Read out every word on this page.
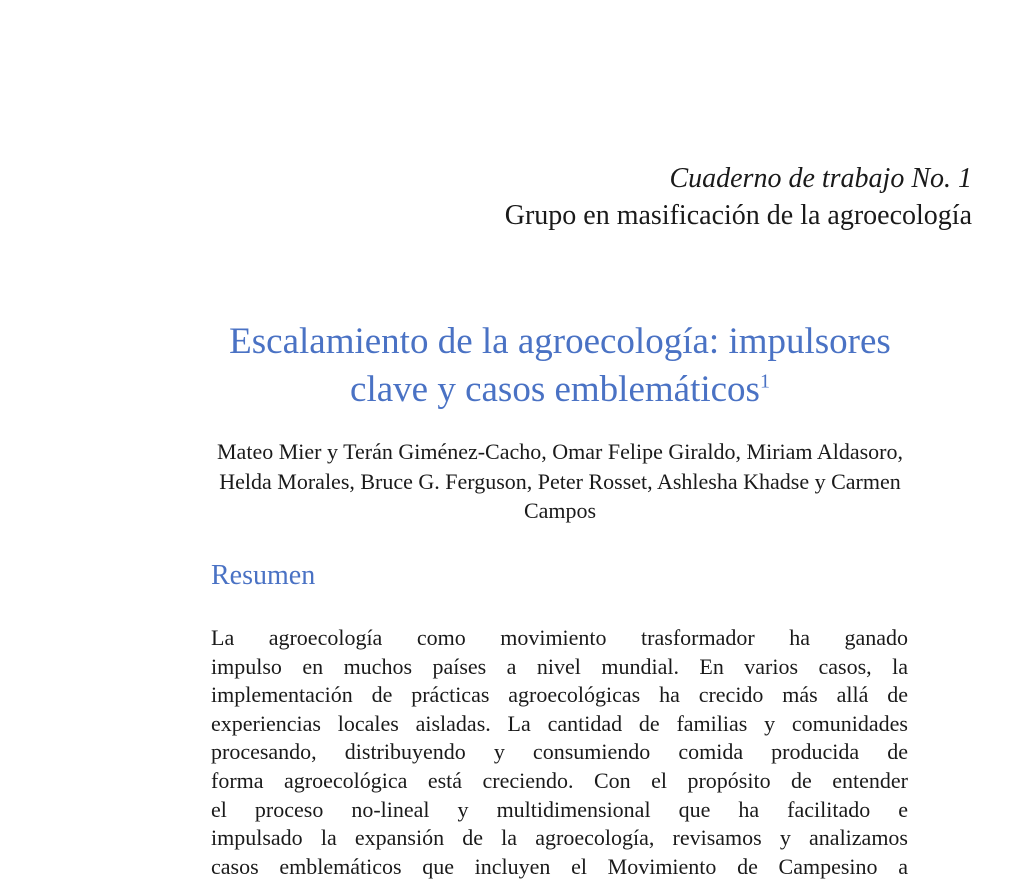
Cuaderno de trabajo No. 1
Grupo en masificación de la agroecología
Escalamiento de la agroecología: impulsores
clave y casos emblemáticos$^1$
Mateo Mier y Terán Giménez-Cacho, Omar Felipe Giraldo, Miriam Aldasoro,
Helda Morales, Bruce G. Ferguson, Peter Rosset, Ashlesha Khadse y Carmen
Campos
Resumen
La agroecología como movimiento trasformador ha ganado
impulso en muchos países a nivel mundial. En varios casos, la
implementación de prácticas agroecológicas ha crecido más allá de
experiencias locales aisladas. La cantidad de familias y comunidades
procesando, distribuyendo y consumiendo comida producida de
forma agroecológica está creciendo. Con el propósito de entender
el proceso no-lineal y multidimensional que ha facilitado e
impulsado la expansión de la agroecología, revisamos y analizamos
casos emblemáticos que incluyen el Movimiento de Campesino a
